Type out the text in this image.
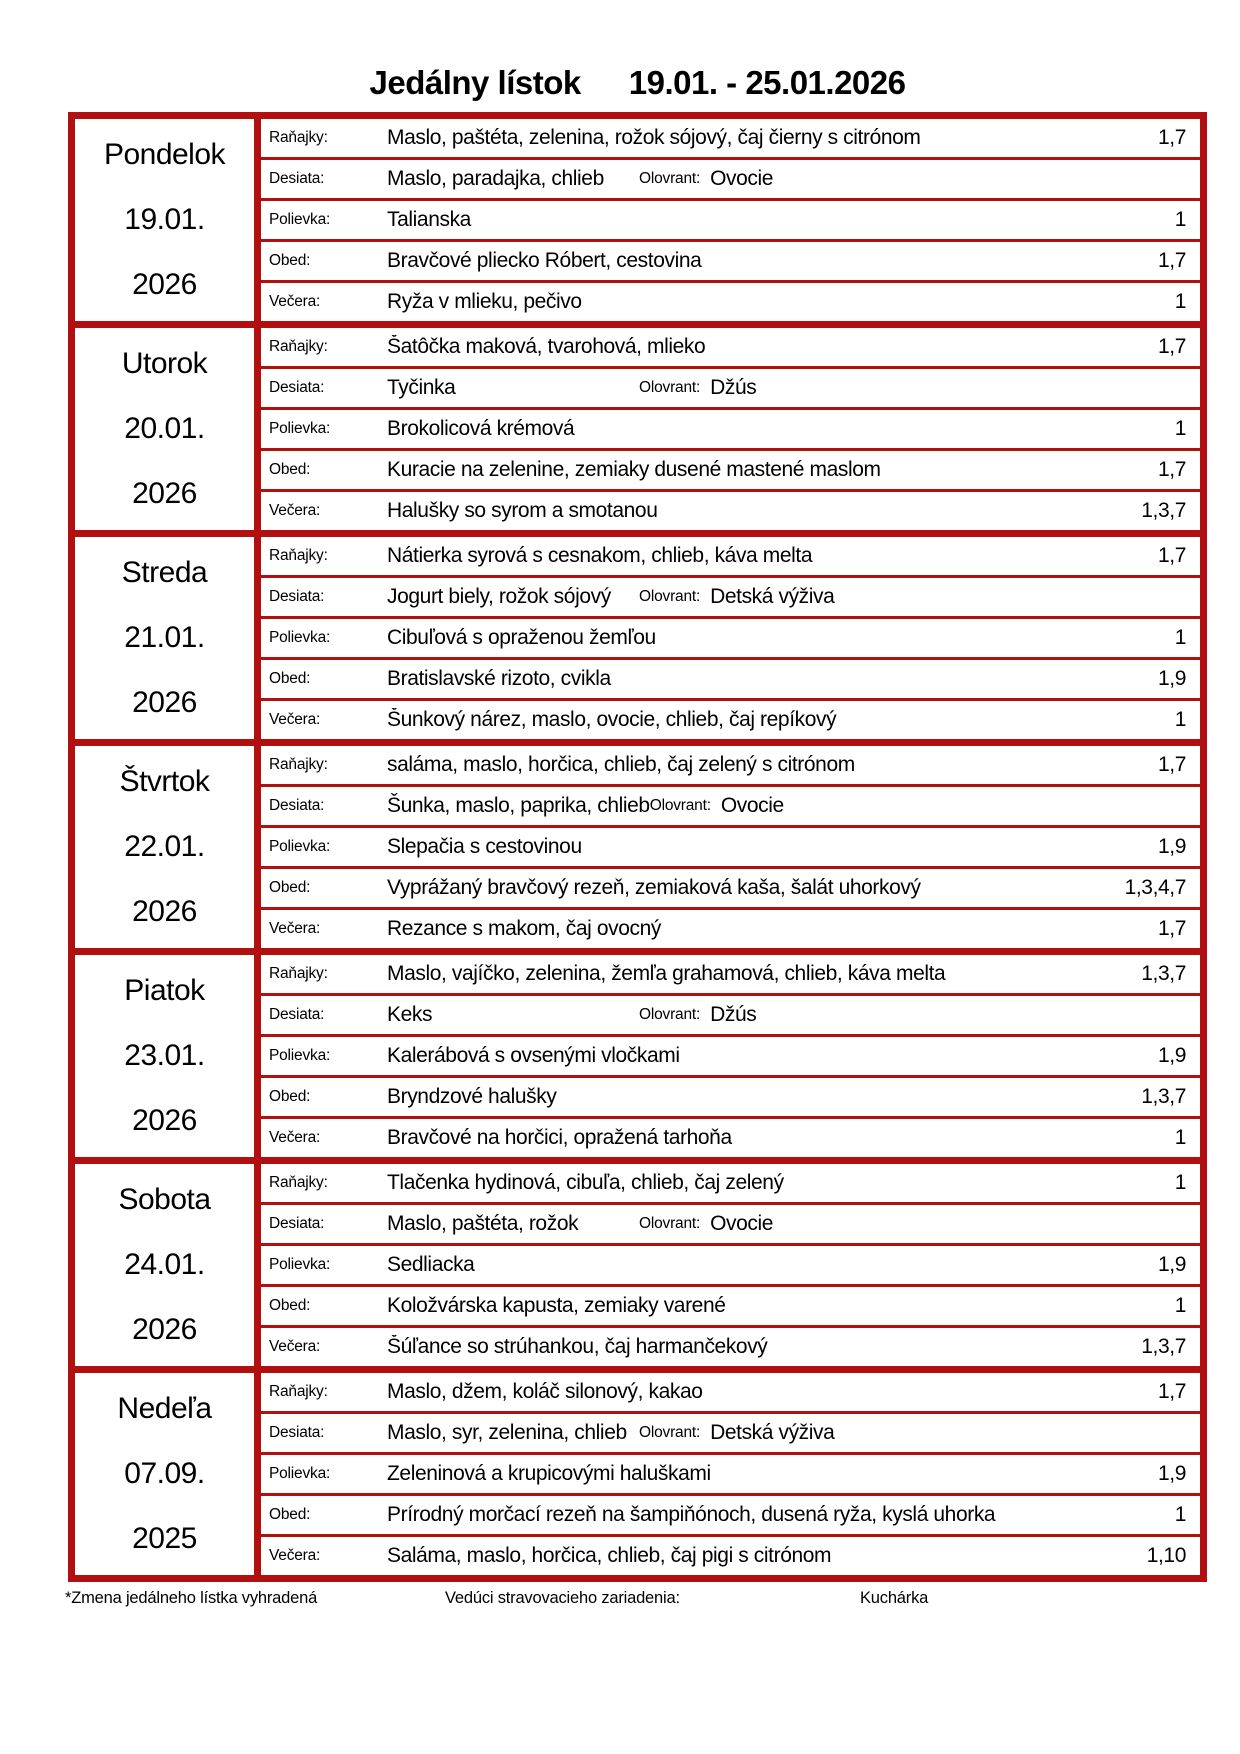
Jedálny lístok 19.01. - 25.01.2026
Pondelok
19.01.
2026
Raňajky:	Maslo, paštéta, zelenina, rožok sójový, čaj čierny s citrónom	1,7
Desiata:	Maslo, paradajka, chlieb	Olovrant: Ovocie
Polievka:	Talianska	1
Obed:	Bravčové pliecko Róbert, cestovina	1,7
Večera:	Ryža v mlieku, pečivo	1
Utorok
20.01.
2026
Raňajky:	Šatôčka maková, tvarohová, mlieko	1,7
Desiata:	Tyčinka	Olovrant: Džús
Polievka:	Brokolicová krémová	1
Obed:	Kuracie na zelenine, zemiaky dusené mastené maslom	1,7
Večera:	Halušky so syrom a smotanou	1,3,7
Streda
21.01.
2026
Raňajky:	Nátierka syrová s cesnakom, chlieb, káva melta	1,7
Desiata:	Jogurt biely, rožok sójový	Olovrant: Detská výživa
Polievka:	Cibuľová s opraženou žemľou	1
Obed:	Bratislavské rizoto, cvikla	1,9
Večera:	Šunkový nárez, maslo, ovocie, chlieb, čaj repíkový	1
Štvrtok
22.01.
2026
Raňajky:	saláma, maslo, horčica, chlieb, čaj zelený s citrónom	1,7
Desiata:	Šunka, maslo, paprika, chlieb Olovrant: Ovocie
Polievka:	Slepačia s cestovinou	1,9
Obed:	Vyprážaný bravčový rezeň, zemiaková kaša, šalát uhorkový	1,3,4,7
Večera:	Rezance s makom, čaj ovocný	1,7
Piatok
23.01.
2026
Raňajky:	Maslo, vajíčko, zelenina, žemľa grahamová, chlieb, káva melta	1,3,7
Desiata:	Keks	Olovrant: Džús
Polievka:	Kalerábová s ovsenými vločkami	1,9
Obed:	Bryndzové halušky	1,3,7
Večera:	Bravčové na horčici, opražená tarhoňa	1
Sobota
24.01.
2026
Raňajky:	Tlačenka hydinová, cibuľa, chlieb, čaj zelený	1
Desiata:	Maslo, paštéta, rožok	Olovrant: Ovocie
Polievka:	Sedliacka	1,9
Obed:	Koložvárska kapusta, zemiaky varené	1
Večera:	Šúľance so strúhankou, čaj harmančekový	1,3,7
Nedeľa
07.09.
2025
Raňajky:	Maslo, džem, koláč silonový, kakao	1,7
Desiata:	Maslo, syr, zelenina, chlieb Olovrant: Detská výživa
Polievka:	Zeleninová a krupicovými haluškami	1,9
Obed:	Prírodný morčací rezeň na šampiňónoch, dusená ryža, kyslá uhorka	1
Večera:	Saláma, maslo, horčica, chlieb, čaj pigi s citrónom	1,10
*Zmena jedálneho lístka vyhradená	Vedúci stravovacieho zariadenia:	Kuchárka
